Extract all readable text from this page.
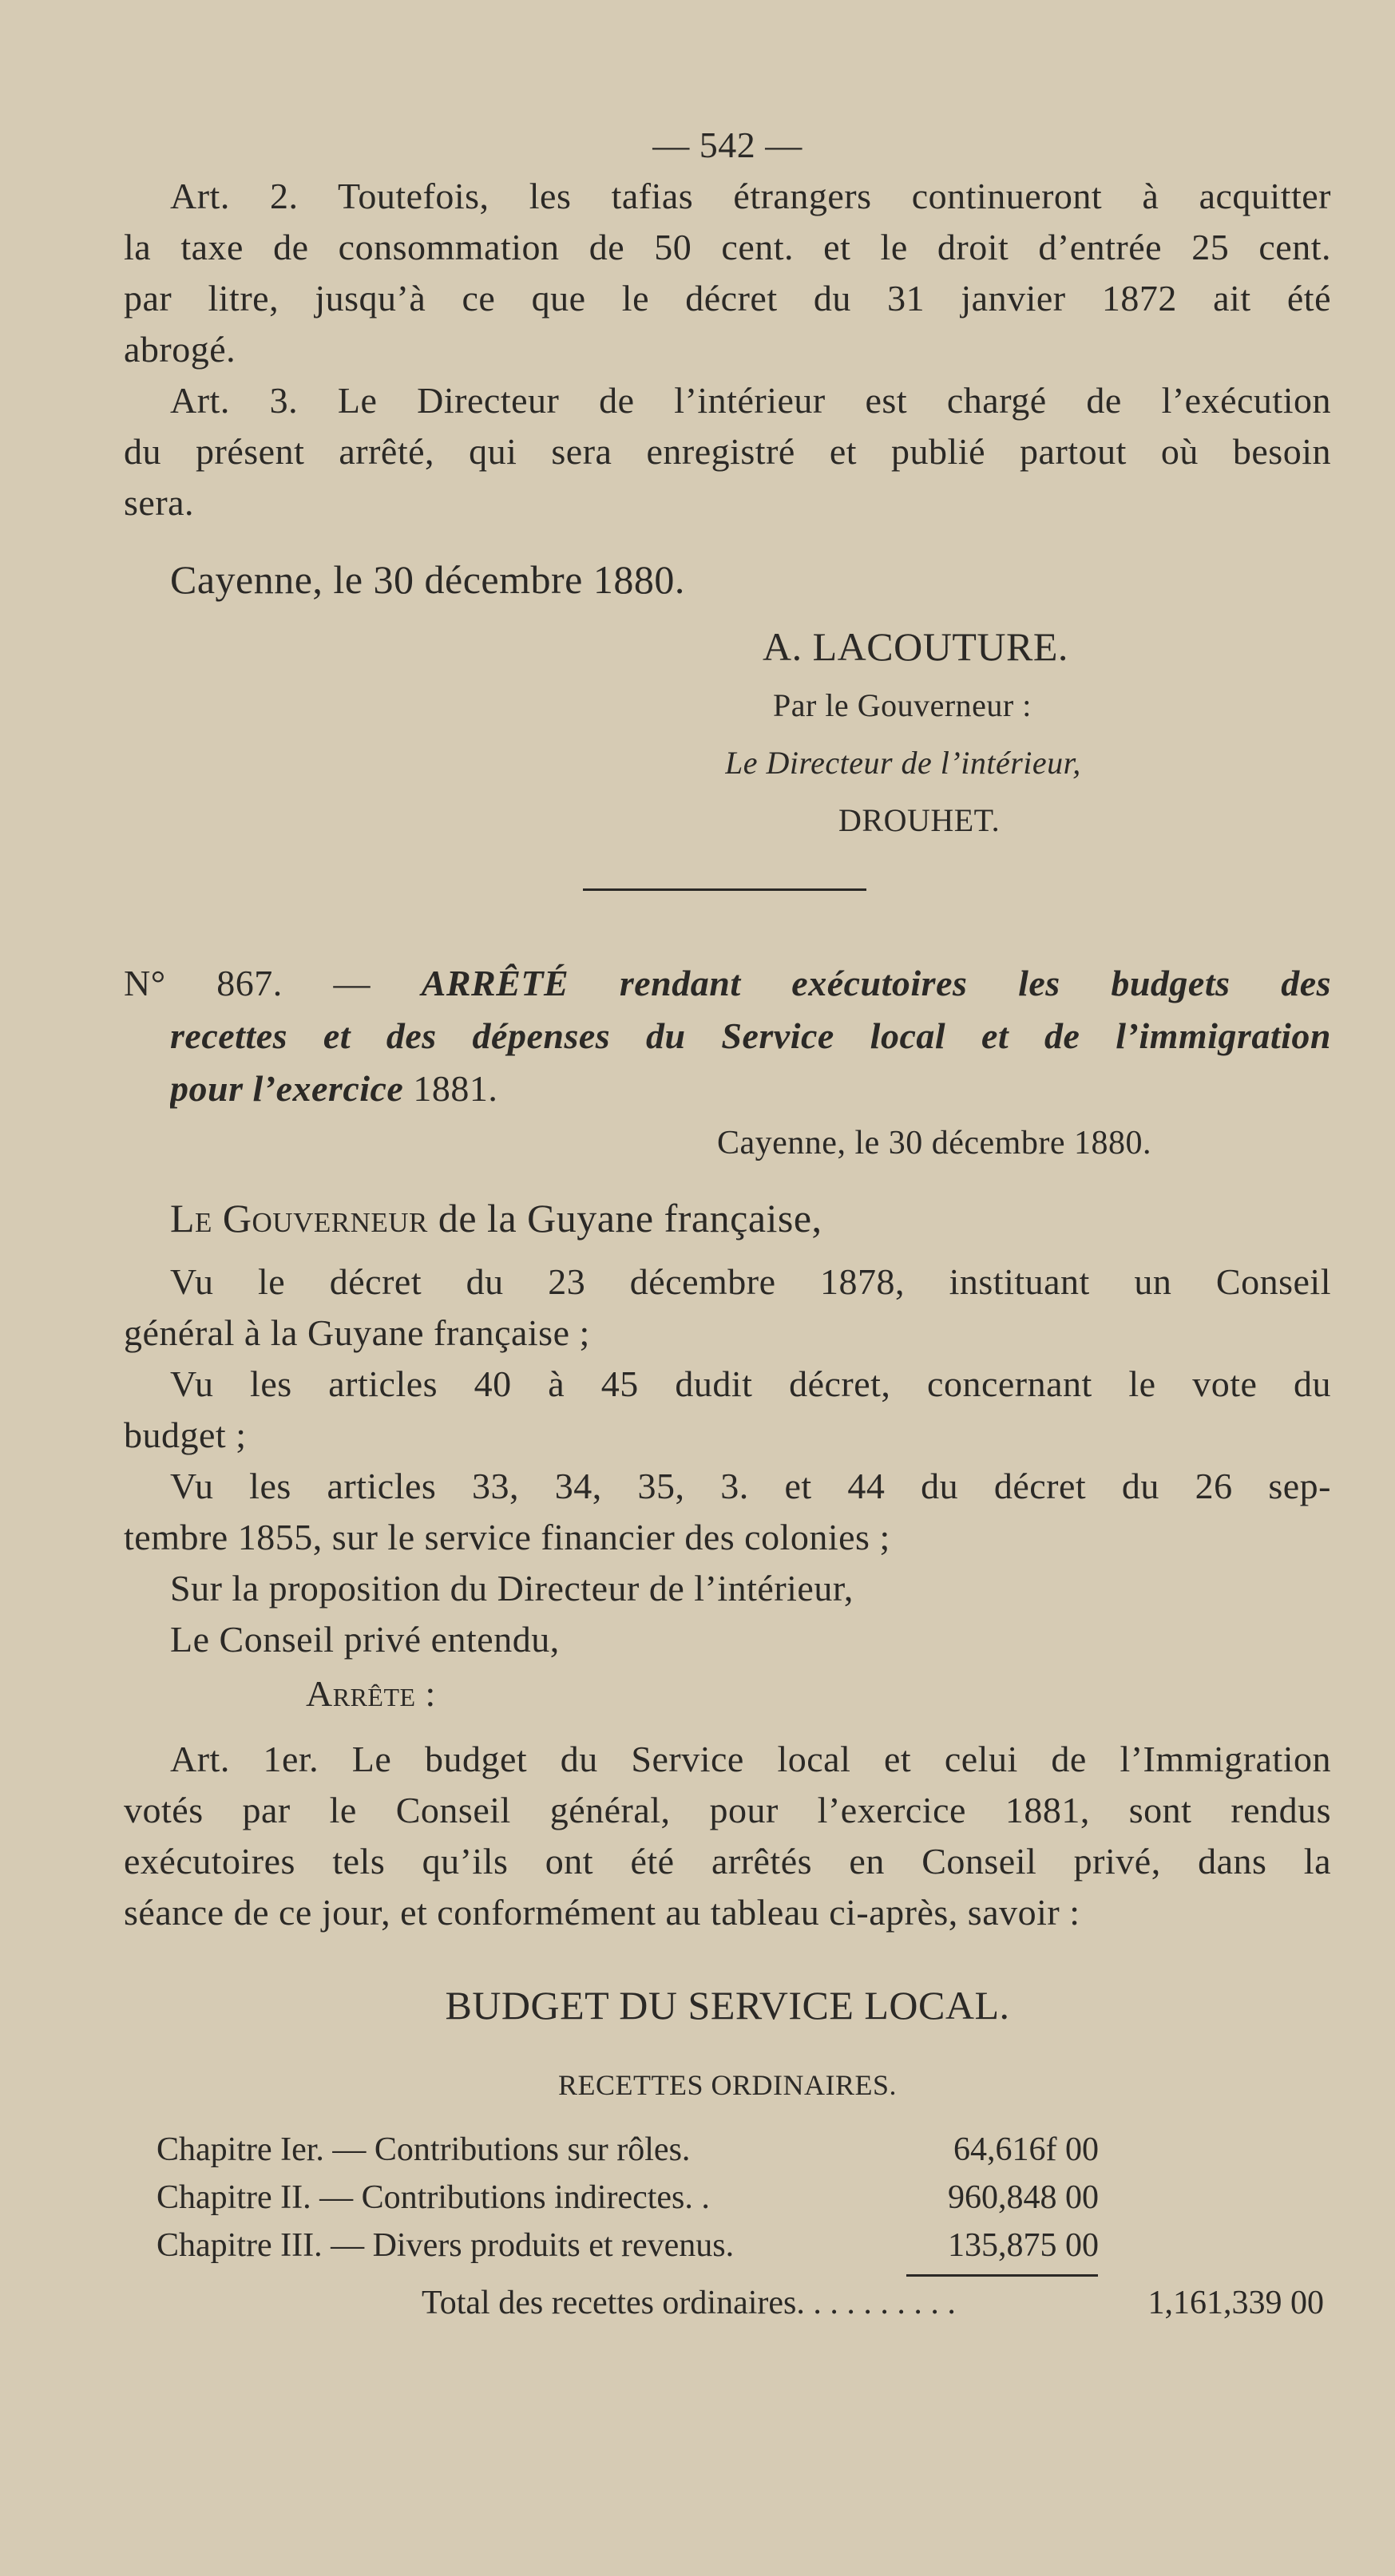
— 542 —
Art. 2. Toutefois, les tafias étrangers continueront à acquitter
la taxe de consommation de 50 cent. et le droit d’entrée 25 cent.
par litre, jusqu’à ce que le décret du 31 janvier 1872 ait été
abrogé.
Art. 3. Le Directeur de l’intérieur est chargé de l’exécution
du présent arrêté, qui sera enregistré et publié partout où besoin
sera.
Cayenne, le 30 décembre 1880.
A. LACOUTURE.
Par le Gouverneur :
Le Directeur de l’intérieur,
DROUHET.
N° 867. — ARRÊTÉ rendant exécutoires les budgets des
recettes et des dépenses du Service local et de l’immigration
pour l’exercice 1881.
Cayenne, le 30 décembre 1880.
Le Gouverneur de la Guyane française,
Vu le décret du 23 décembre 1878, instituant un Conseil
général à la Guyane française ;
Vu les articles 40 à 45 dudit décret, concernant le vote du
budget ;
Vu les articles 33, 34, 35, 3. et 44 du décret du 26 sep-
tembre 1855, sur le service financier des colonies ;
Sur la proposition du Directeur de l’intérieur,
Le Conseil privé entendu,
Arrête :
Art. 1er. Le budget du Service local et celui de l’Immigration
votés par le Conseil général, pour l’exercice 1881, sont rendus
exécutoires tels qu’ils ont été arrêtés en Conseil privé, dans la
séance de ce jour, et conformément au tableau ci-après, savoir :
BUDGET DU SERVICE LOCAL.
RECETTES ORDINAIRES.
Chapitre Ier. — Contributions sur rôles.	64,616f 00
Chapitre II. — Contributions indirectes. .	960,848 00
Chapitre III. — Divers produits et revenus.	135,875 00
Total des recettes ordinaires. . . . . . . . . .	1,161,339 00
